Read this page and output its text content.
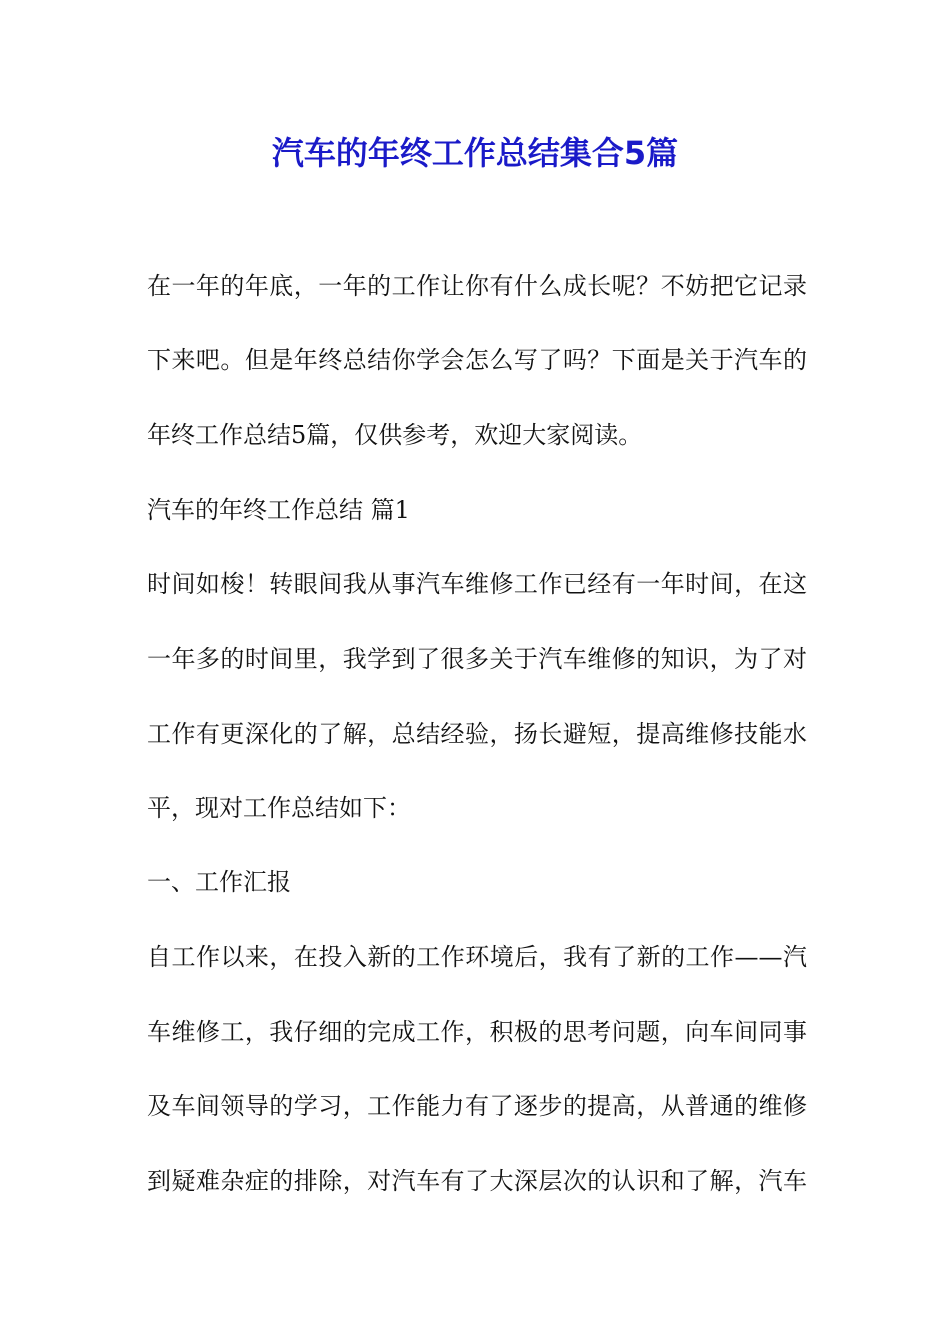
汽车的年终工作总结集合5篇

在一年的年底，一年的工作让你有什么成长呢？不妨把它记录

下来吧。但是年终总结你学会怎么写了吗？下面是关于汽车的

年终工作总结5篇，仅供参考，欢迎大家阅读。

汽车的年终工作总结 篇1

时间如梭！转眼间我从事汽车维修工作已经有一年时间，在这

一年多的时间里，我学到了很多关于汽车维修的知识，为了对

工作有更深化的了解，总结经验，扬长避短，提高维修技能水

平，现对工作总结如下：

一、工作汇报

自工作以来，在投入新的工作环境后，我有了新的工作——汽

车维修工，我仔细的完成工作，积极的思考问题，向车间同事

及车间领导的学习，工作能力有了逐步的提高，从普通的维修

到疑难杂症的排除，对汽车有了大深层次的认识和了解，汽车
